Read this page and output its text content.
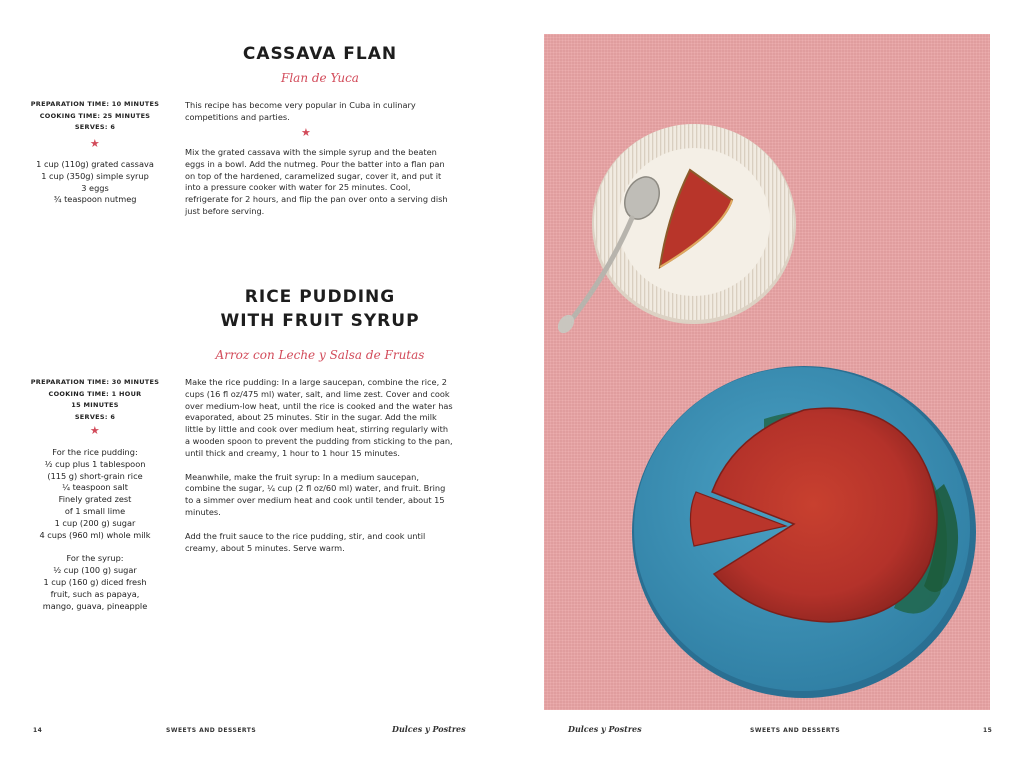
CASSAVA FLAN
Flan de Yuca
PREPARATION TIME: 10 MINUTES
COOKING TIME: 25 MINUTES
SERVES: 6
★
1 cup (110g) grated cassava
1 cup (350g) simple syrup
3 eggs
¾ teaspoon nutmeg

This recipe has become very popular in Cuba in culinary competitions and parties.

★

Mix the grated cassava with the simple syrup and the beaten eggs in a bowl. Add the nutmeg. Pour the batter into a flan pan on top of the hardened, caramelized sugar, cover it, and put it into a pressure cooker with water for 25 minutes. Cool, refrigerate for 2 hours, and flip the pan over onto a serving dish just before serving.

RICE PUDDING
WITH FRUIT SYRUP
Arroz con Leche y Salsa de Frutas
PREPARATION TIME: 30 MINUTES
COOKING TIME: 1 HOUR
15 MINUTES
SERVES: 6
★
For the rice pudding:
½ cup plus 1 tablespoon
(115 g) short-grain rice
¼ teaspoon salt
Finely grated zest
of 1 small lime
1 cup (200 g) sugar
4 cups (960 ml) whole milk
For the syrup:
½ cup (100 g) sugar
1 cup (160 g) diced fresh
fruit, such as papaya,
mango, guava, pineapple

Make the rice pudding: In a large saucepan, combine the rice, 2 cups (16 fl oz/475 ml) water, salt, and lime zest. Cover and cook over medium-low heat, until the rice is cooked and the water has evaporated, about 25 minutes. Stir in the sugar. Add the milk little by little and cook over medium heat, stirring regularly with a wooden spoon to prevent the pudding from sticking to the pan, until thick and creamy, 1 hour to 1 hour 15 minutes.

Meanwhile, make the fruit syrup: In a medium saucepan, combine the sugar, ¼ cup (2 fl oz/60 ml) water, and fruit. Bring to a simmer over medium heat and cook until tender, about 15 minutes.

Add the fruit sauce to the rice pudding, stir, and cook until creamy, about 5 minutes. Serve warm.

14	SWEETS AND DESSERTS	Dulces y Postres	Dulces y Postres	SWEETS AND DESSERTS	15
